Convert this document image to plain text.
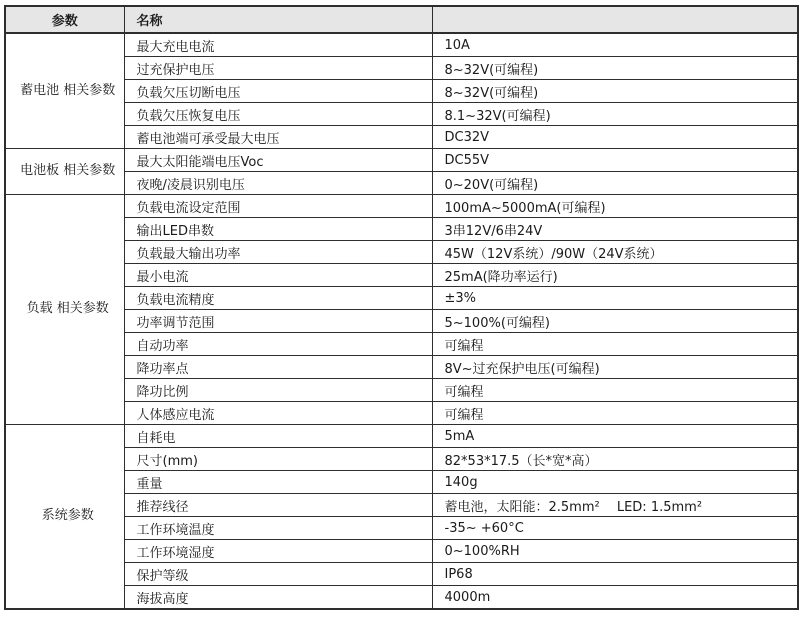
参数	名称	
蓄电池 相关参数	最大充电电流	10A
	过充保护电压	8~32V(可编程)
	负载欠压切断电压	8~32V(可编程)
	负载欠压恢复电压	8.1~32V(可编程)
	蓄电池端可承受最大电压	DC32V
电池板 相关参数	最大太阳能端电压Voc	DC55V
	夜晚/凌晨识别电压	0~20V(可编程)
负载 相关参数	负载电流设定范围	100mA~5000mA(可编程)
	输出LED串数	3串12V/6串24V
	负载最大输出功率	45W（12V系统）/90W（24V系统）
	最小电流	25mA(降功率运行)
	负载电流精度	±3%
	功率调节范围	5~100%(可编程)
	自动功率	可编程
	降功率点	8V~过充保护电压(可编程)
	降功比例	可编程
	人体感应电流	可编程
系统参数	自耗电	5mA
	尺寸(mm)	82*53*17.5（长*宽*高）
	重量	140g
	推荐线径	蓄电池，太阳能：2.5mm²　 LED: 1.5mm²
	工作环境温度	-35~ +60°C
	工作环境湿度	0~100%RH
	保护等级	IP68
	海拔高度	4000m
